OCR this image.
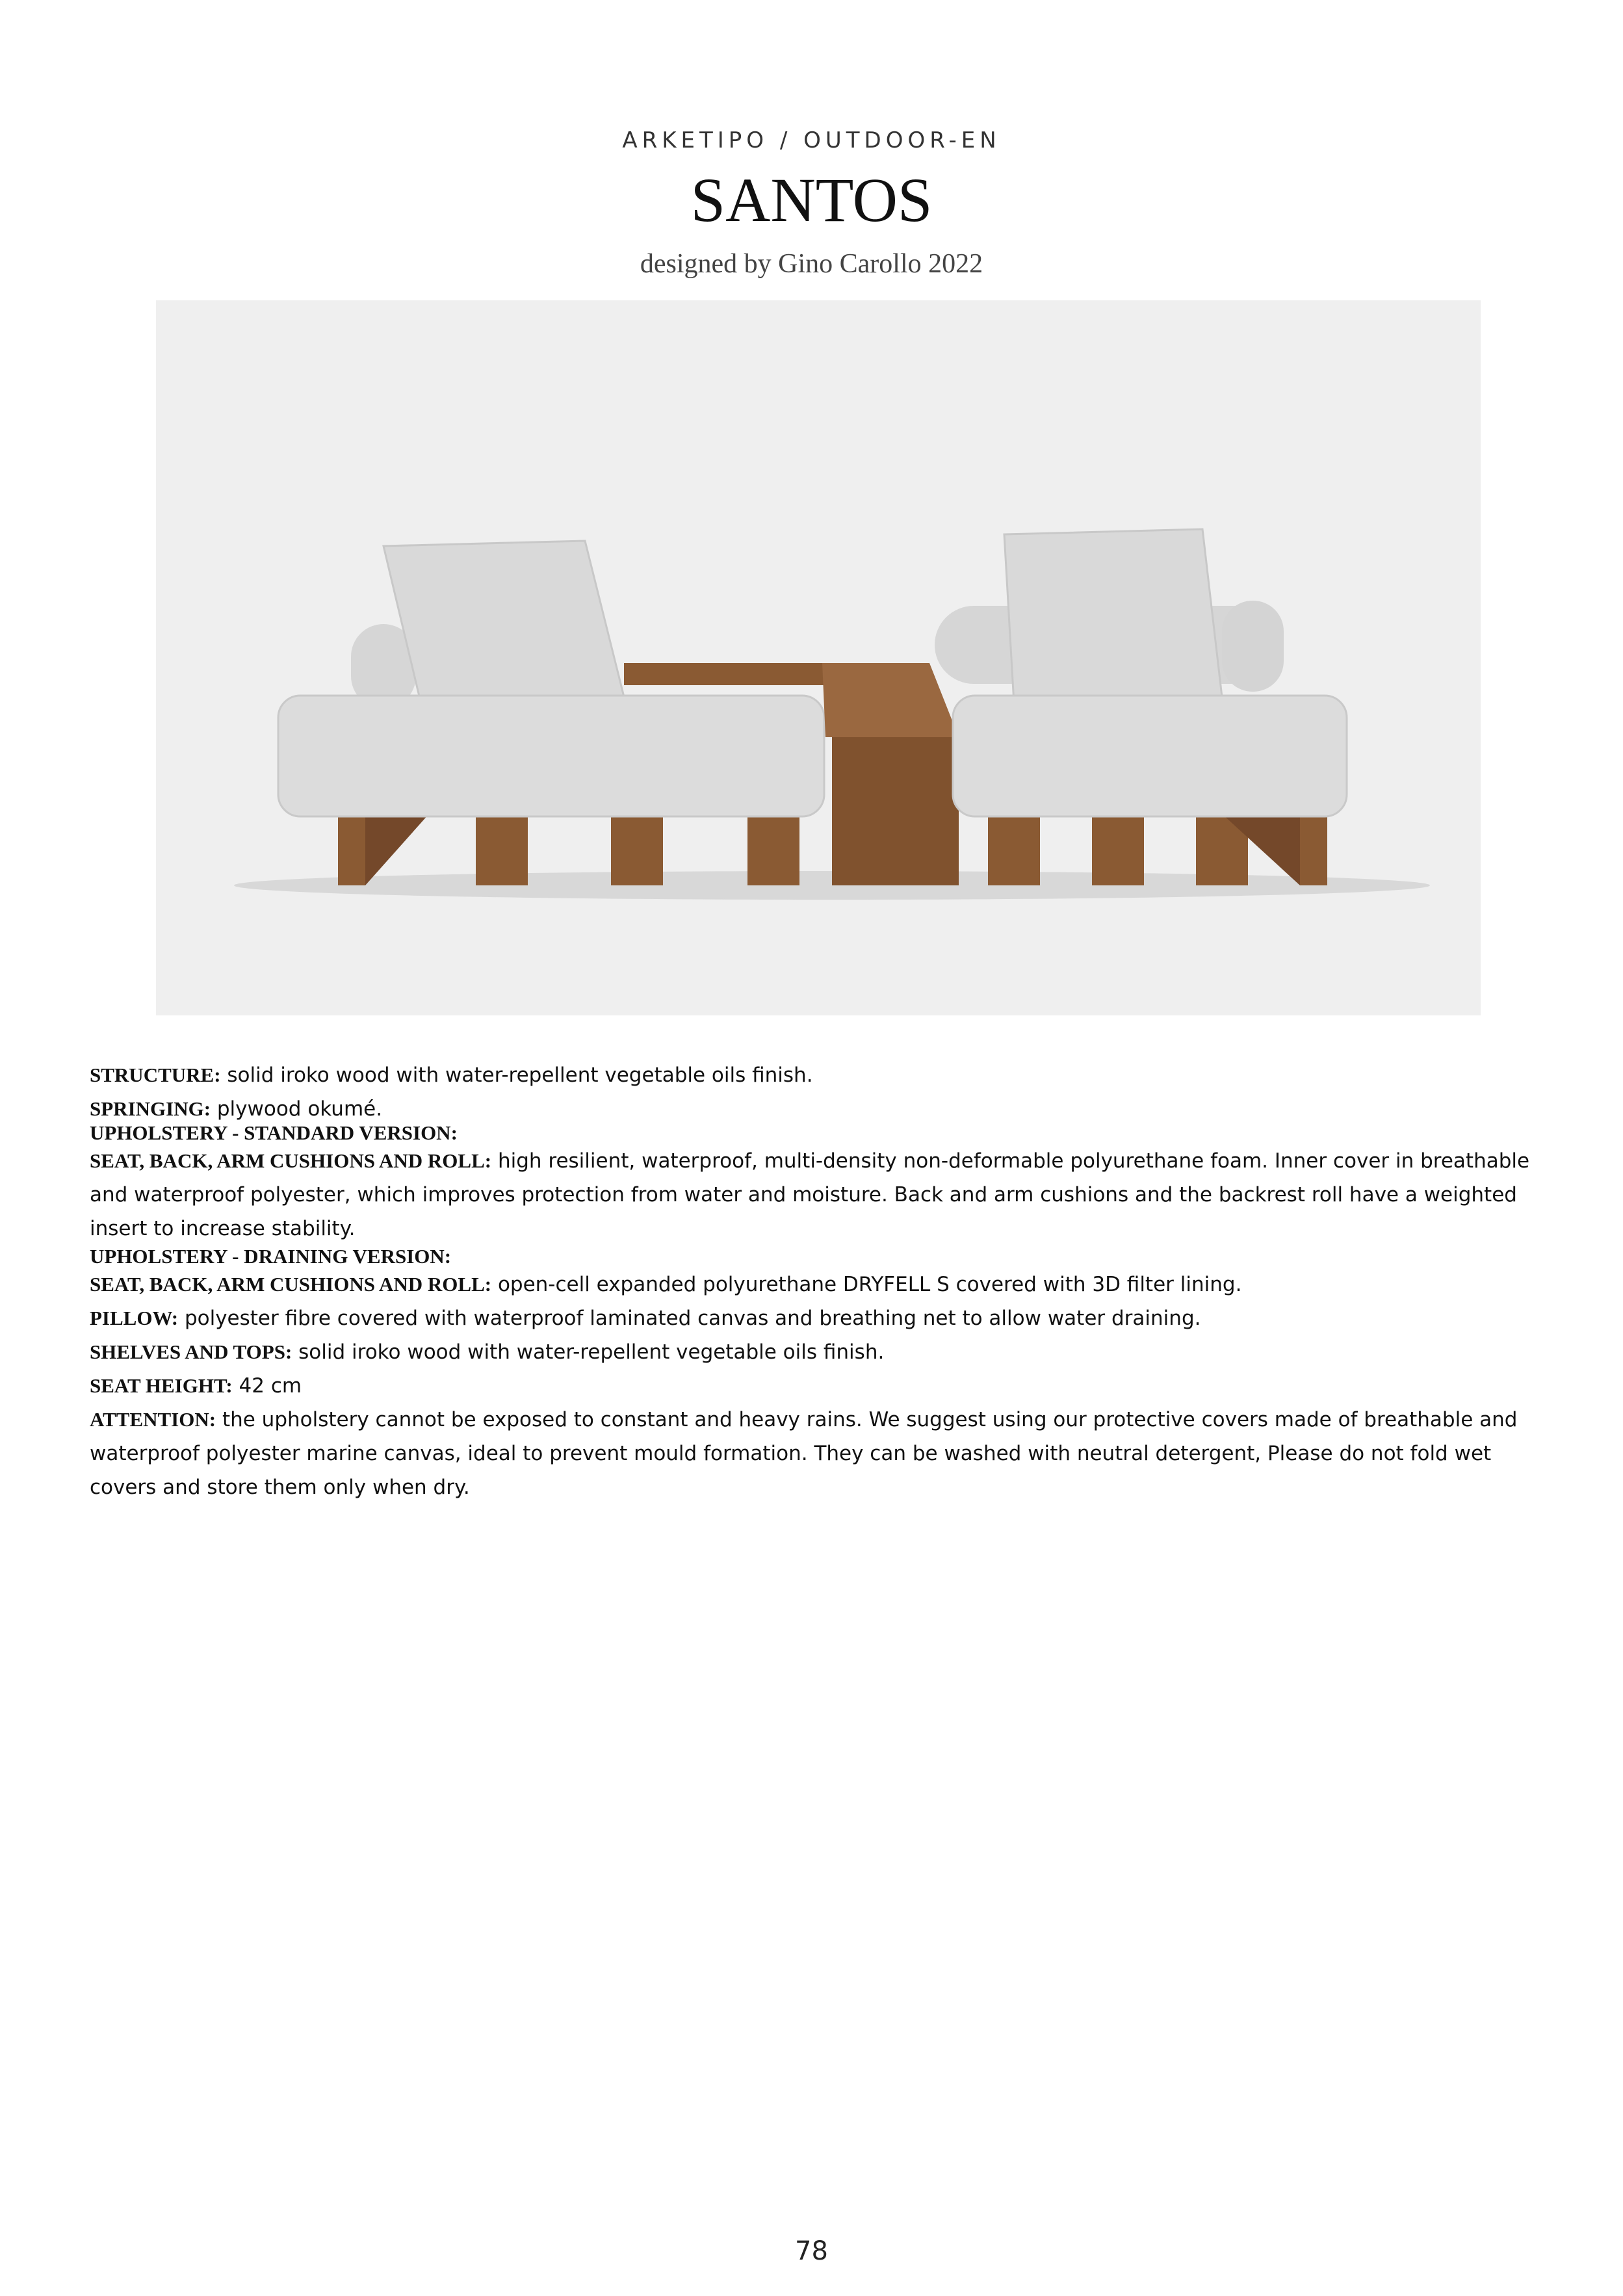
ARKETIPO / OUTDOOR-EN
SANTOS
designed by Gino Carollo 2022
STRUCTURE: solid iroko wood with water-repellent vegetable oils finish.
SPRINGING: plywood okumé.
UPHOLSTERY - STANDARD VERSION:
SEAT, BACK, ARM CUSHIONS AND ROLL: high resilient, waterproof, multi-density non-deformable polyurethane foam. Inner cover in breathable and waterproof polyester, which improves protection from water and moisture. Back and arm cushions and the backrest roll have a weighted insert to increase stability.
UPHOLSTERY - DRAINING VERSION:
SEAT, BACK, ARM CUSHIONS AND ROLL: open-cell expanded polyurethane DRYFELL S covered with 3D filter lining.
PILLOW: polyester fibre covered with waterproof laminated canvas and breathing net to allow water draining.
SHELVES AND TOPS: solid iroko wood with water-repellent vegetable oils finish.
SEAT HEIGHT: 42 cm
ATTENTION: the upholstery cannot be exposed to constant and heavy rains. We suggest using our protective covers made of breathable and waterproof polyester marine canvas, ideal to prevent mould formation. They can be washed with neutral detergent, Please do not fold wet covers and store them only when dry.
78
